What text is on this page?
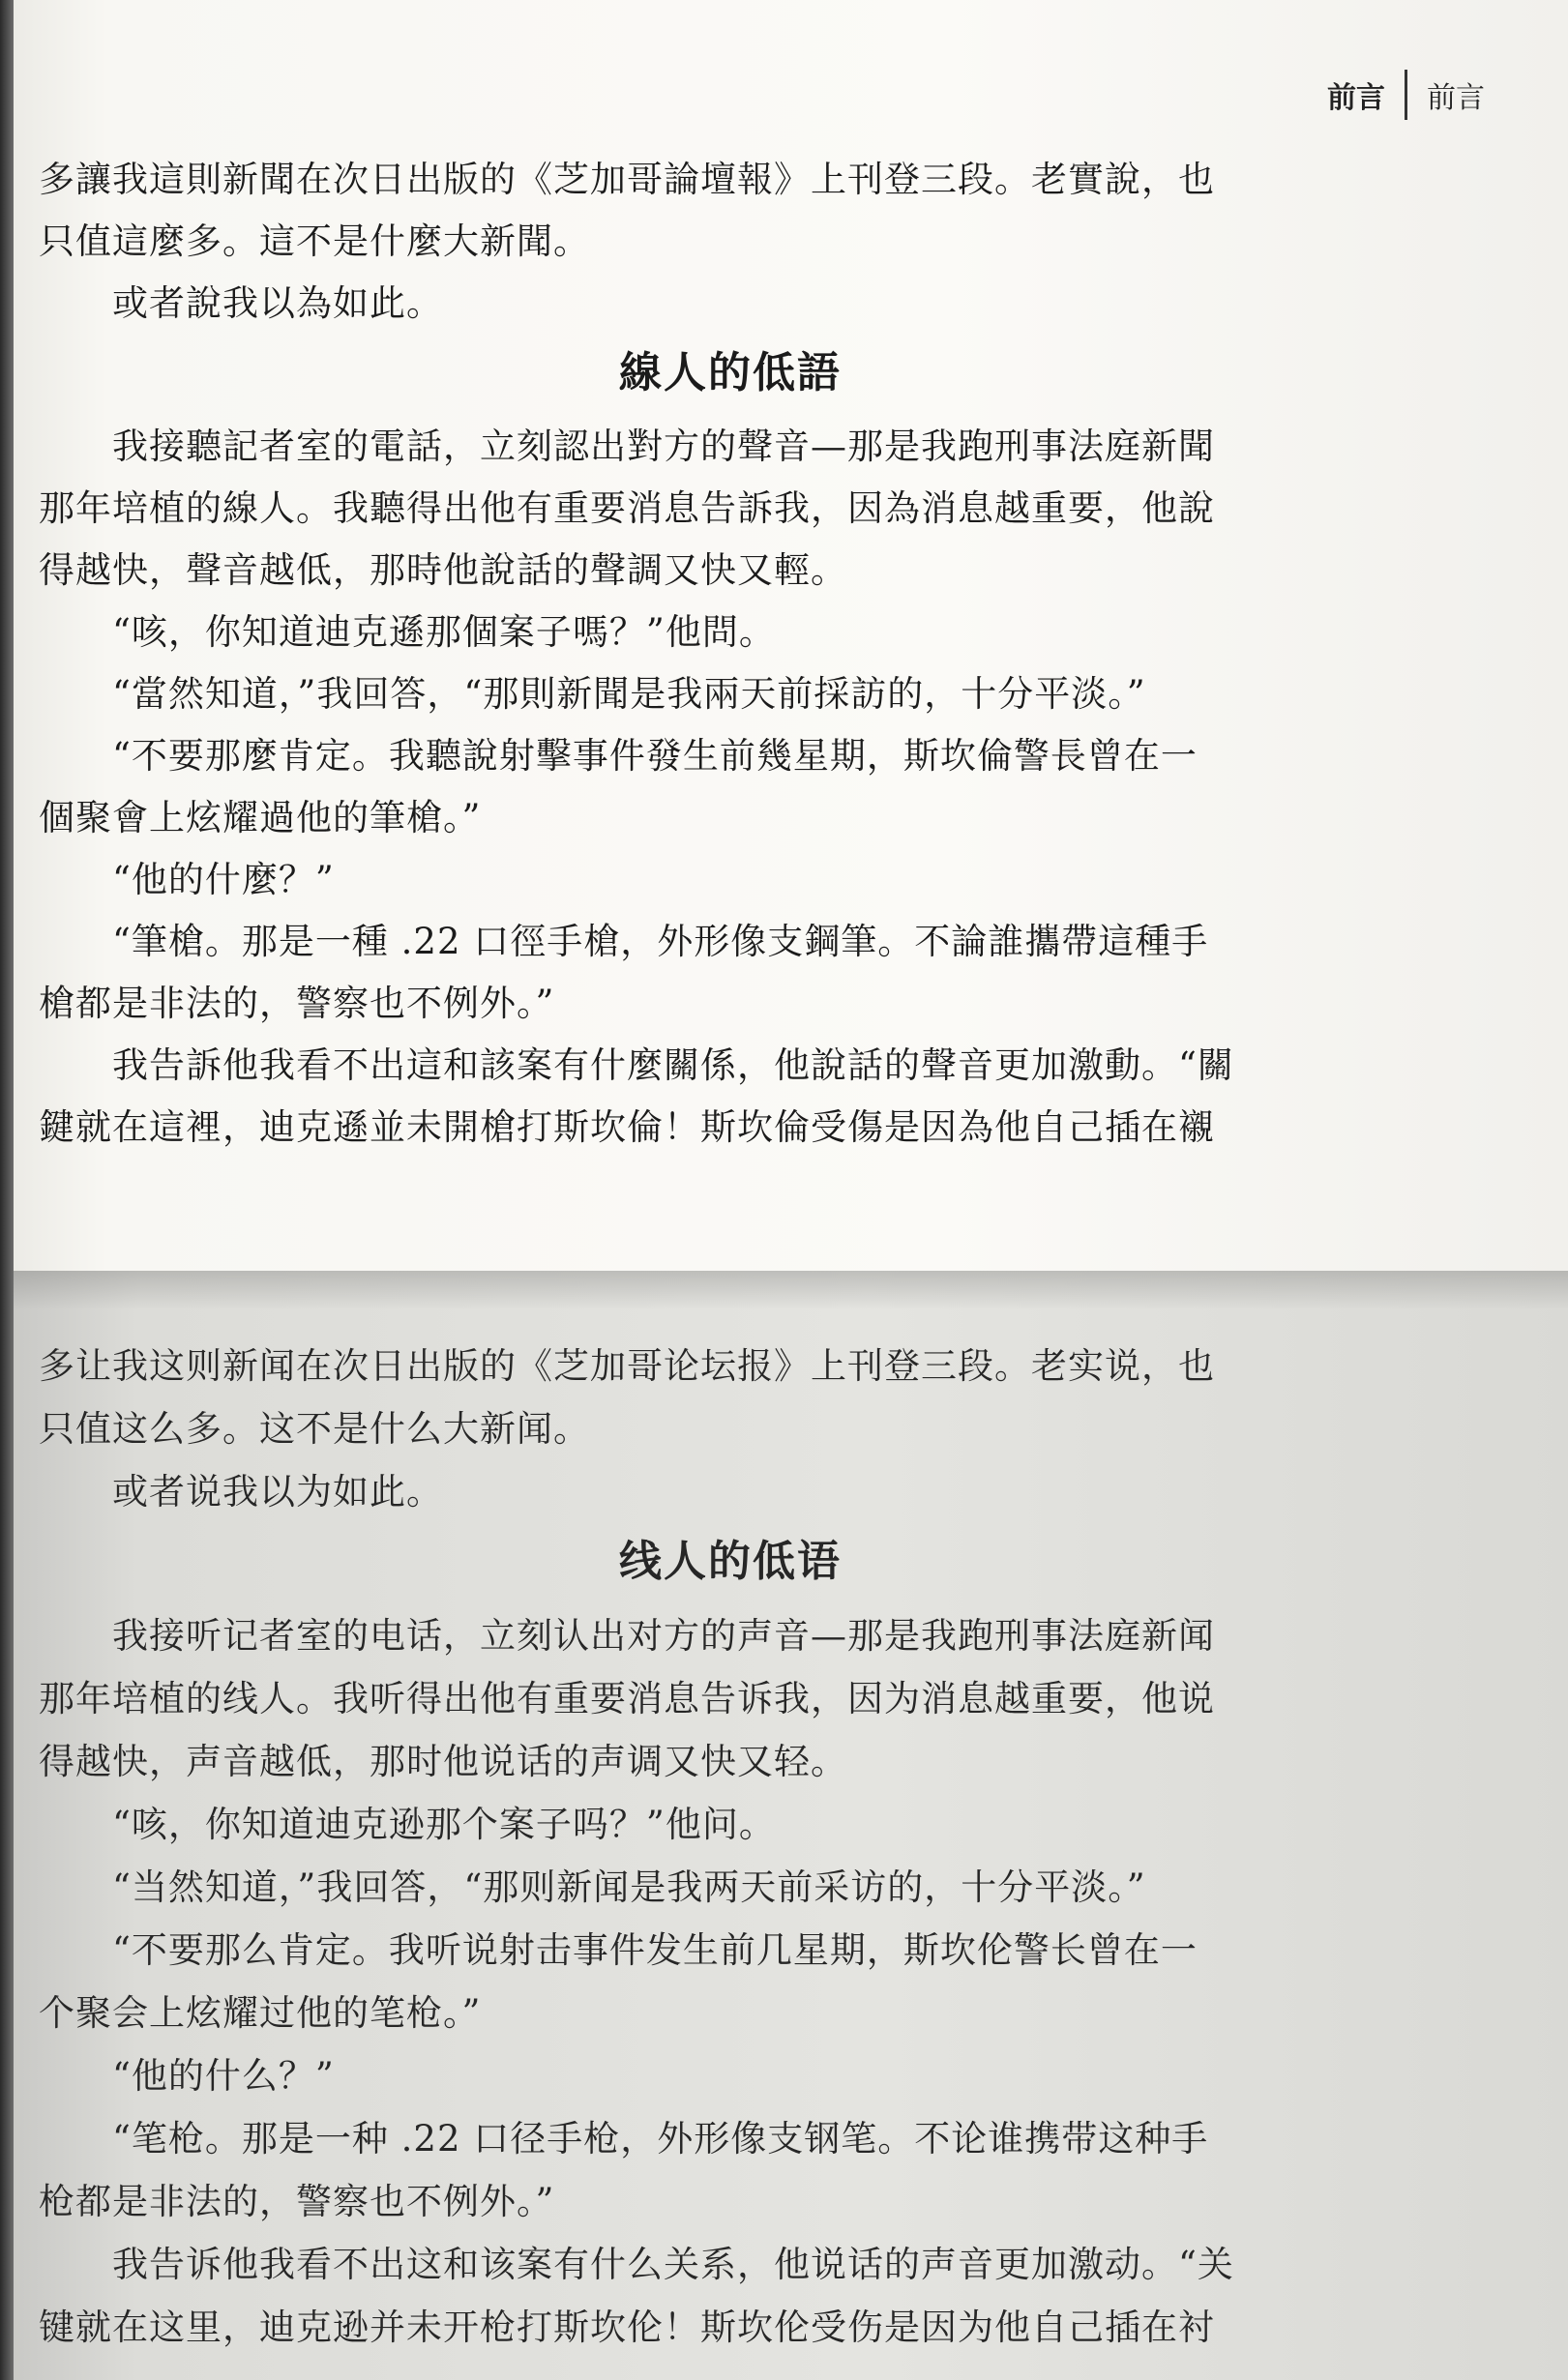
前言 前言

多讓我這則新聞在次日出版的《芝加哥論壇報》上刊登三段。老實說，也

只值這麼多。這不是什麼大新聞。

　　或者說我以為如此。

線人的低語

　　我接聽記者室的電話，立刻認出對方的聲音—那是我跑刑事法庭新聞

那年培植的線人。我聽得出他有重要消息告訴我，因為消息越重要，他說

得越快，聲音越低，那時他說話的聲調又快又輕。

　　“咳，你知道迪克遜那個案子嗎？”他問。

　　“當然知道，”我回答，“那則新聞是我兩天前採訪的，十分平淡。”

　　“不要那麼肯定。我聽說射擊事件發生前幾星期，斯坎倫警長曾在一

個聚會上炫耀過他的筆槍。”

　　“他的什麼？”

　　“筆槍。那是一種 .22 口徑手槍，外形像支鋼筆。不論誰攜帶這種手

槍都是非法的，警察也不例外。”

　　我告訴他我看不出這和該案有什麼關係，他說話的聲音更加激動。“關

鍵就在這裡，迪克遜並未開槍打斯坎倫！斯坎倫受傷是因為他自己插在襯

多让我这则新闻在次日出版的《芝加哥论坛报》上刊登三段。老实说，也

只值这么多。这不是什么大新闻。

　　或者说我以为如此。

线人的低语

　　我接听记者室的电话，立刻认出对方的声音—那是我跑刑事法庭新闻

那年培植的线人。我听得出他有重要消息告诉我，因为消息越重要，他说

得越快，声音越低，那时他说话的声调又快又轻。

　　“咳，你知道迪克逊那个案子吗？”他问。

　　“当然知道，”我回答，“那则新闻是我两天前采访的，十分平淡。”

　　“不要那么肯定。我听说射击事件发生前几星期，斯坎伦警长曾在一

个聚会上炫耀过他的笔枪。”

　　“他的什么？”

　　“笔枪。那是一种 .22 口径手枪，外形像支钢笔。不论谁携带这种手

枪都是非法的，警察也不例外。”

　　我告诉他我看不出这和该案有什么关系，他说话的声音更加激动。“关

键就在这里，迪克逊并未开枪打斯坎伦！斯坎伦受伤是因为他自己插在衬
